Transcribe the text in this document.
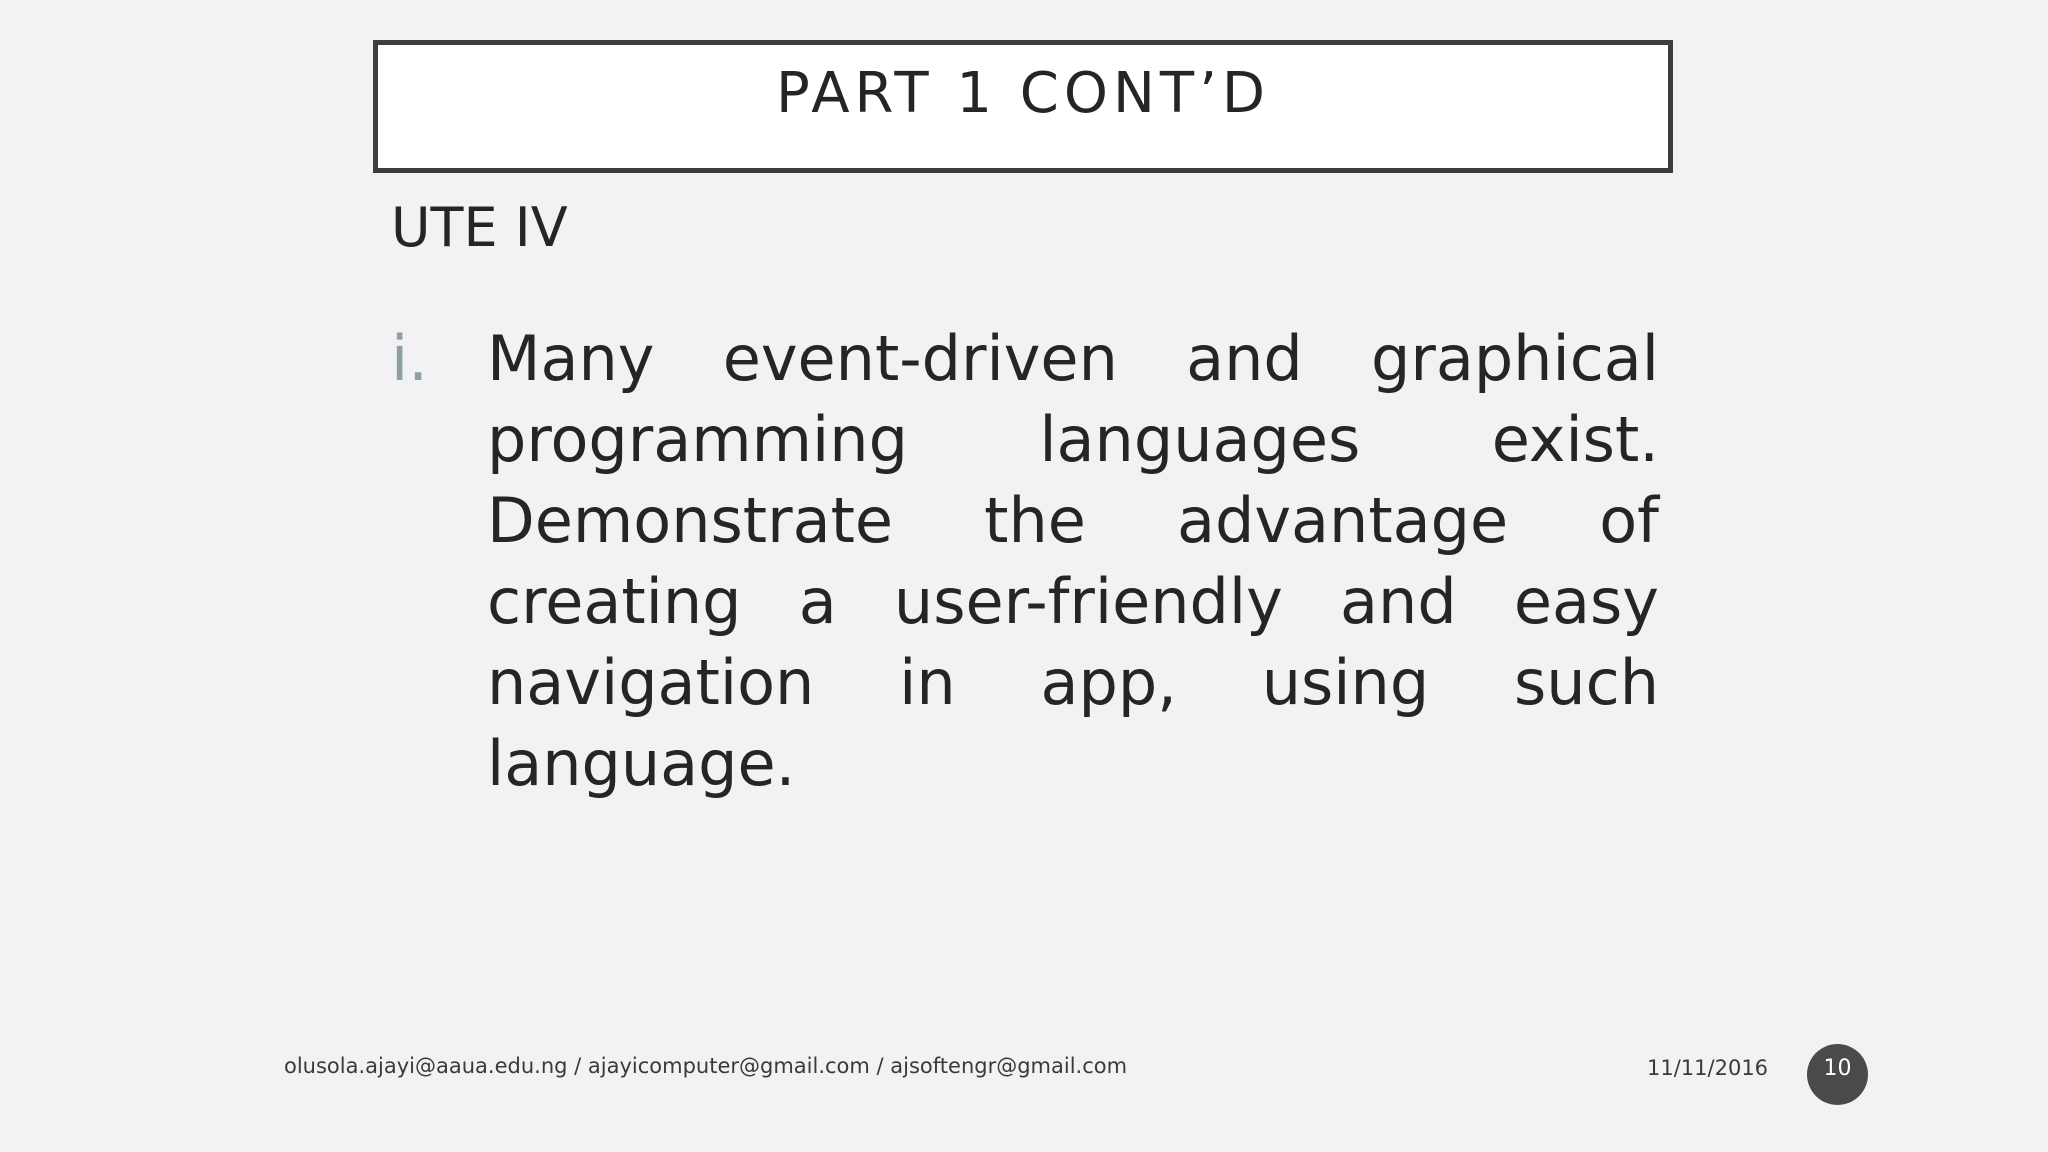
PART 1 CONT’D
UTE IV
i. Many event-driven and graphical programming languages exist. Demonstrate the advantage of creating a user-friendly and easy navigation in app, using such language.
olusola.ajayi@aaua.edu.ng / ajayicomputer@gmail.com / ajsoftengr@gmail.com	11/11/2016	10
